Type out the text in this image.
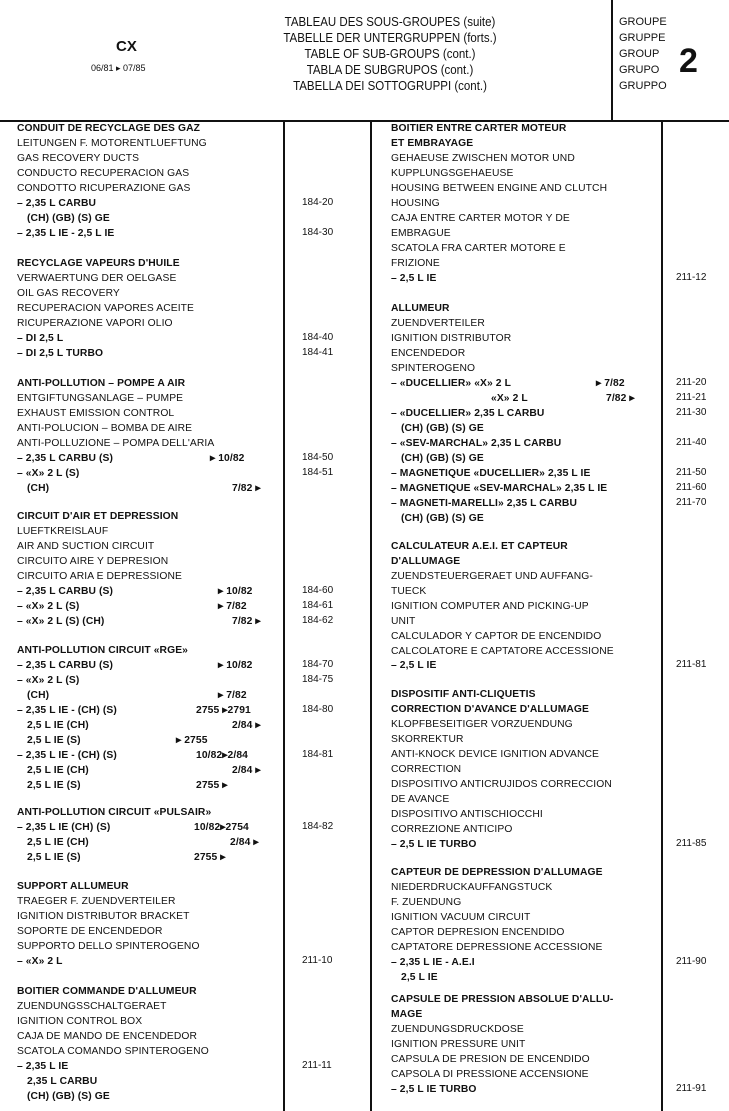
CX
06/81 ▸ 07/85
TABLEAU DES SOUS-GROUPES (suite)
TABELLE DER UNTERGRUPPEN (forts.)
TABLE OF SUB-GROUPS (cont.)
TABLA DE SUBGRUPOS (cont.)
TABELLA DEI SOTTOGRUPPI (cont.)
GROUPE
GRUPPE
GROUP
GRUPO
GRUPPO
2
CONDUIT DE RECYCLAGE DES GAZ
LEITUNGEN F. MOTORENTLUEFTUNG
GAS RECOVERY DUCTS
CONDUCTO RECUPERACION GAS
CONDOTTO RICUPERAZIONE GAS
– 2,35 L CARBU	184-20
(CH) (GB) (S) GE
– 2,35 L IE - 2,5 L IE	184-30
RECYCLAGE VAPEURS D'HUILE
VERWAERTUNG DER OELGASE
OIL GAS RECOVERY
RECUPERACION VAPORES ACEITE
RICUPERAZIONE VAPORI OLIO
– DI 2,5 L	184-40
– DI 2,5 L TURBO	184-41
ANTI-POLLUTION – POMPE A AIR
ENTGIFTUNGSANLAGE – PUMPE
EXHAUST EMISSION CONTROL
ANTI-POLUCION – BOMBA DE AIRE
ANTI-POLLUZIONE – POMPA DELL'ARIA
– 2,35 L CARBU (S)	▸ 10/82	184-50
– «X» 2 L (S)	184-51
(CH)	7/82 ▸
CIRCUIT D'AIR ET DEPRESSION
LUEFTKREISLAUF
AIR AND SUCTION CIRCUIT
CIRCUITO AIRE Y DEPRESION
CIRCUITO ARIA E DEPRESSIONE
– 2,35 L CARBU (S)	▸ 10/82	184-60
– «X» 2 L (S)	▸ 7/82	184-61
– «X» 2 L (S) (CH)	7/82 ▸	184-62
ANTI-POLLUTION CIRCUIT «RGE»
– 2,35 L CARBU (S)	▸ 10/82	184-70
– «X» 2 L (S)	184-75
(CH)	▸ 7/82
– 2,35 L IE - (CH) (S)	2755 ▸2791	184-80
2,5 L IE (CH)	2/84 ▸
2,5 L IE (S)	▸ 2755
– 2,35 L IE - (CH) (S)	10/82▸2/84	184-81
2,5 L IE (CH)	2/84 ▸
2,5 L IE (S)	2755 ▸
ANTI-POLLUTION CIRCUIT «PULSAIR»
– 2,35 L IE (CH) (S)	10/82▸2754	184-82
2,5 L IE (CH)	2/84 ▸
2,5 L IE (S)	2755 ▸
SUPPORT ALLUMEUR
TRAEGER F. ZUENDVERTEILER
IGNITION DISTRIBUTOR BRACKET
SOPORTE DE ENCENDEDOR
SUPPORTO DELLO SPINTEROGENO
– «X» 2 L	211-10
BOITIER COMMANDE D'ALLUMEUR
ZUENDUNGSSCHALTGERAET
IGNITION CONTROL BOX
CAJA DE MANDO DE ENCENDEDOR
SCATOLA COMANDO SPINTEROGENO
– 2,35 L IE	211-11
2,35 L CARBU
(CH) (GB) (S) GE
BOITIER ENTRE CARTER MOTEUR
ET EMBRAYAGE
GEHAEUSE ZWISCHEN MOTOR UND
KUPPLUNGSGEHAEUSE
HOUSING BETWEEN ENGINE AND CLUTCH
HOUSING
CAJA ENTRE CARTER MOTOR Y DE
EMBRAGUE
SCATOLA FRA CARTER MOTORE E
FRIZIONE
– 2,5 L IE	211-12
ALLUMEUR
ZUENDVERTEILER
IGNITION DISTRIBUTOR
ENCENDEDOR
SPINTEROGENO
– «DUCELLIER» «X» 2 L	▸ 7/82	211-20
«X» 2 L	7/82 ▸	211-21
– «DUCELLIER» 2,35 L CARBU	211-30
(CH) (GB) (S) GE
– «SEV-MARCHAL» 2,35 L CARBU	211-40
(CH) (GB) (S) GE
– MAGNETIQUE «DUCELLIER» 2,35 L IE	211-50
– MAGNETIQUE «SEV-MARCHAL» 2,35 L IE	211-60
– MAGNETI-MARELLI» 2,35 L CARBU	211-70
(CH) (GB) (S) GE
CALCULATEUR A.E.I. ET CAPTEUR
D'ALLUMAGE
ZUENDSTEUERGERAET UND AUFFANG-
TUECK
IGNITION COMPUTER AND PICKING-UP
UNIT
CALCULADOR Y CAPTOR DE ENCENDIDO
CALCOLATORE E CAPTATORE ACCESSIONE
– 2,5 L IE	211-81
DISPOSITIF ANTI-CLIQUETIS
CORRECTION D'AVANCE D'ALLUMAGE
KLOPFBESEITIGER VORZUENDUNG
SKORREKTUR
ANTI-KNOCK DEVICE IGNITION ADVANCE
CORRECTION
DISPOSITIVO ANTICRUJIDOS CORRECCION
DE AVANCE
DISPOSITIVO ANTISCHIOCCHI
CORREZIONE ANTICIPO
– 2,5 L IE TURBO	211-85
CAPTEUR DE DEPRESSION D'ALLUMAGE
NIEDERDRUCKAUFFANGSTUCK
F. ZUENDUNG
IGNITION VACUUM CIRCUIT
CAPTOR DEPRESION ENCENDIDO
CAPTATORE DEPRESSIONE ACCESSIONE
– 2,35 L IE - A.E.I	211-90
2,5 L IE
CAPSULE DE PRESSION ABSOLUE D'ALLU-
MAGE
ZUENDUNGSDRUCKDOSE
IGNITION PRESSURE UNIT
CAPSULA DE PRESION DE ENCENDIDO
CAPSOLA DI PRESSIONE ACCENSIONE
– 2,5 L IE TURBO	211-91
